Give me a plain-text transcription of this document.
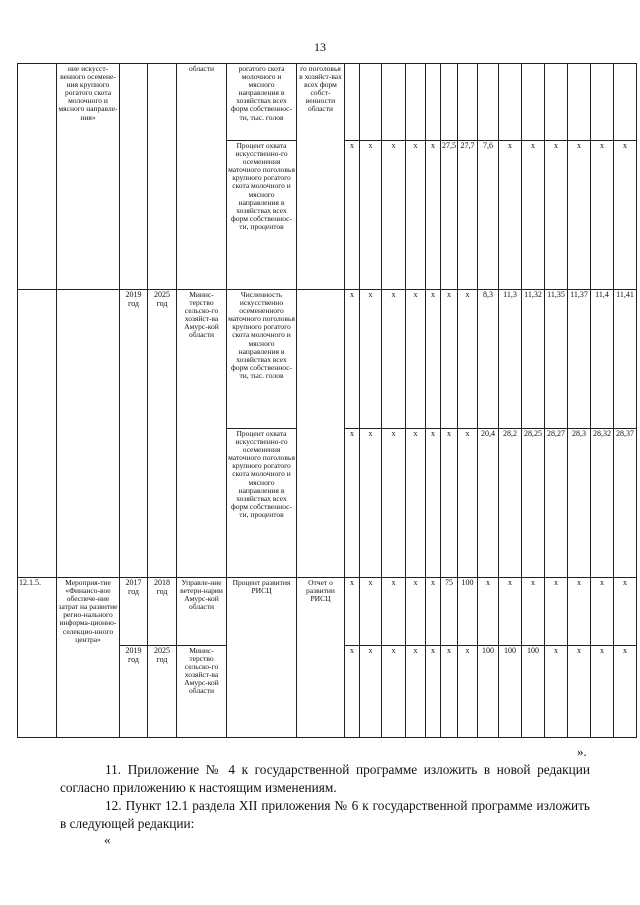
13
	ние искусст-венного осемене-ния крупного рогатого скота молочного и мясного направле-ния»			области	рогатого скота молочного и мясного направления в хозяйствах всех форм собственнос-ти, тыс. голов	го поголовья в хозяйст-вах всех форм собст-венности области														
					Процент охвата искусственно-го осеменения маточного поголовья крупного рогатого скота молочного и мясного направления в хозяйствах всех форм собственнос-ти, процентов		х	х	х	х	х	27,5	27,7	7,6	х	х	х	х	х	х
		2019 год	2025 год	Минис-терство сельско-го хозяйст-ва Амурс-кой области	Численность искусственно осемененного маточного поголовья крупного рогатого скота молочного и мясного направления в хозяйствах всех форм собственнос-ти, тыс. голов		х	х	х	х	х	х	х	8,3	11,3	11,32	11,35	11,37	11,4	11,41
					Процент охвата искусственно-го осеменения маточного поголовья крупного рогатого скота молочного и мясного направления в хозяйствах всех форм собственнос-ти, процентов		х	х	х	х	х	х	х	20,4	28,2	28,25	28,27	28,3	28,32	28,37
12.1.5.	Мероприя-тие «Финансо-вое обеспече-ние затрат на развитие регио-нального информа-ционно-селекцио-нного центра»	2017 год	2018 год	Управле-ние ветери-нарии Амурс-кой области	Процент развития РИСЦ	Отчет о развитии РИСЦ	х	х	х	х	х	75	100	х	х	х	х	х	х	х
		2019 год	2025 год	Минис-терство сельско-го хозяйст-ва Амурс-кой области			х	х	х	х	х	х	х	100	100	100	х	х	х	х
».

11. Приложение № 4 к государственной программе изложить в новой редакции согласно приложению к настоящим изменениям.

12. Пункт 12.1 раздела XII приложения № 6 к государственной программе изложить в следующей редакции:

«
